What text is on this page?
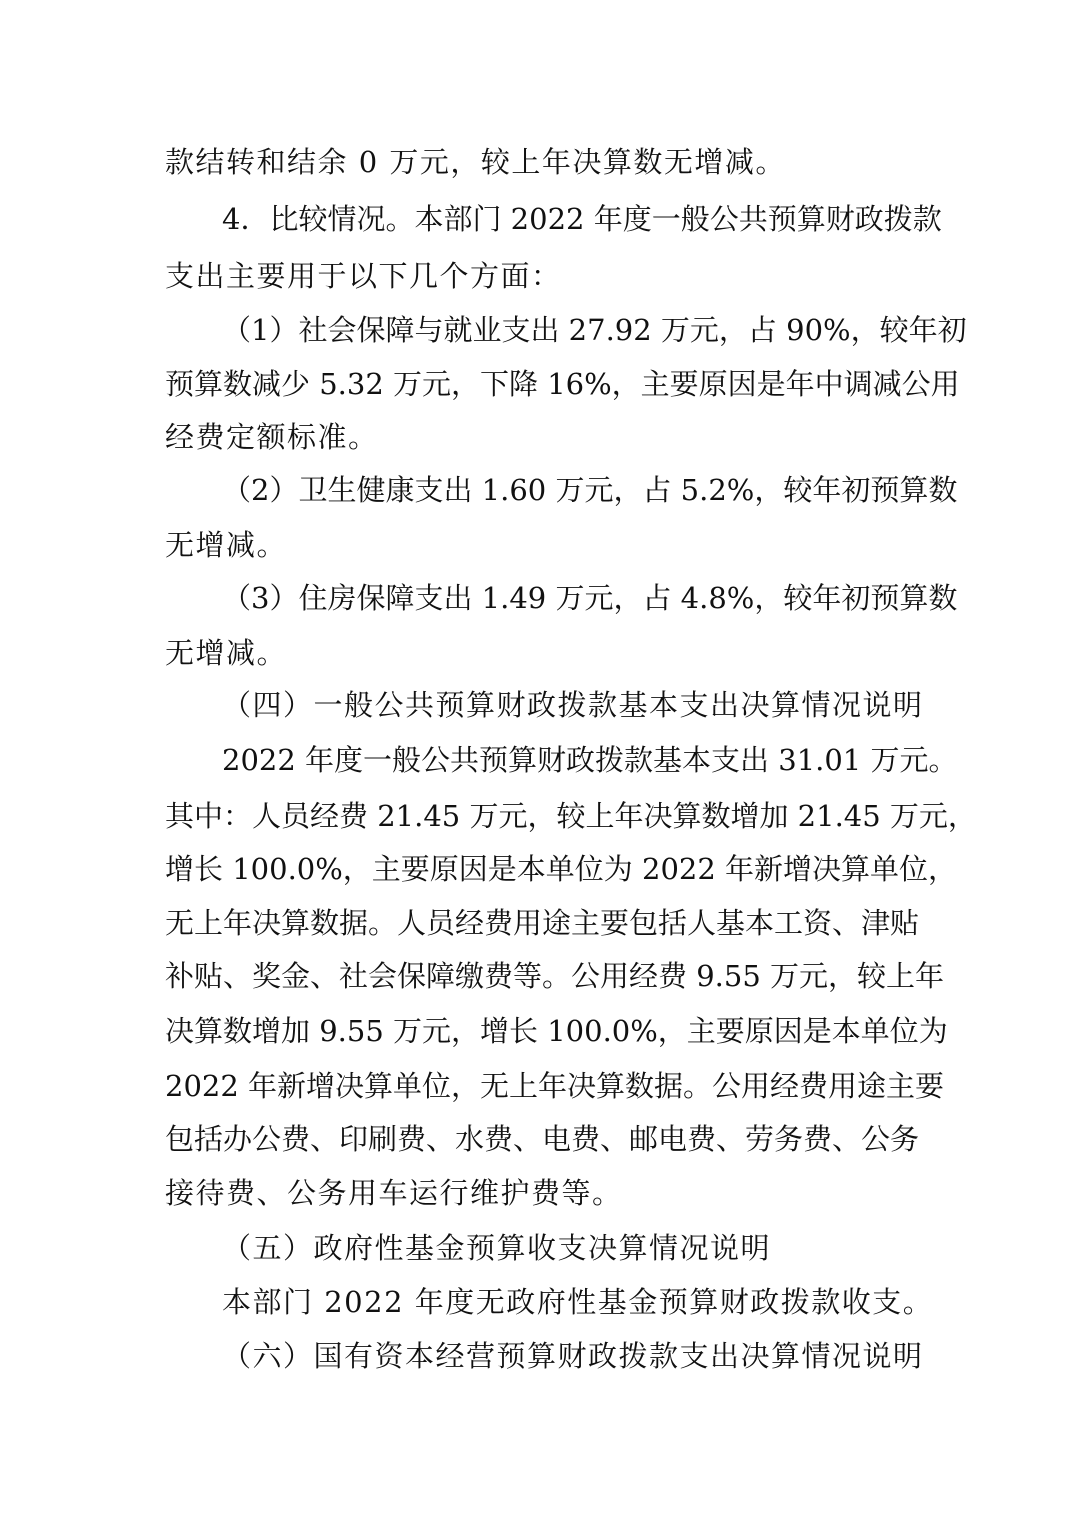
款结转和结余 0 万元，较上年决算数无增减。
4．比较情况。本部门 2022 年度一般公共预算财政拨款
支出主要用于以下几个方面：
（1）社会保障与就业支出 27.92 万元，占 90%，较年初
预算数减少 5.32 万元，下降 16%，主要原因是年中调减公用
经费定额标准。
（2）卫生健康支出 1.60 万元，占 5.2%，较年初预算数
无增减。
（3）住房保障支出 1.49 万元，占 4.8%，较年初预算数
无增减。
（四）一般公共预算财政拨款基本支出决算情况说明
2022 年度一般公共预算财政拨款基本支出 31.01 万元。
其中：人员经费 21.45 万元，较上年决算数增加 21.45 万元，
增长 100.0%，主要原因是本单位为 2022 年新增决算单位，
无上年决算数据。人员经费用途主要包括人基本工资、津贴
补贴、奖金、社会保障缴费等。公用经费 9.55 万元，较上年
决算数增加 9.55 万元，增长 100.0%，主要原因是本单位为
2022 年新增决算单位，无上年决算数据。公用经费用途主要
包括办公费、印刷费、水费、电费、邮电费、劳务费、公务
接待费、公务用车运行维护费等。
（五）政府性基金预算收支决算情况说明
本部门 2022 年度无政府性基金预算财政拨款收支。
（六）国有资本经营预算财政拨款支出决算情况说明
